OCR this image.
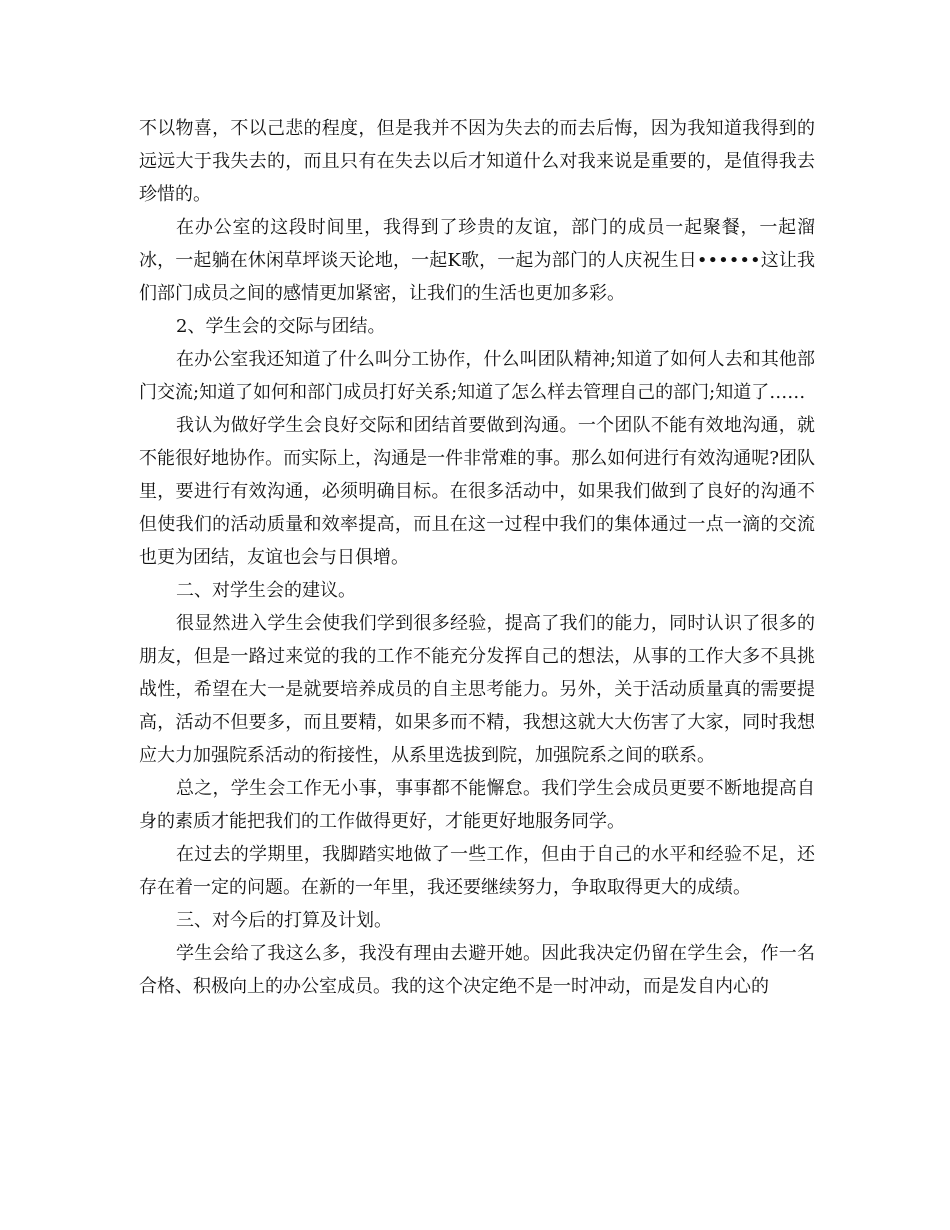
不以物喜，不以己悲的程度，但是我并不因为失去的而去后悔，因为我知道我得到的远远大于我失去的，而且只有在失去以后才知道什么对我来说是重要的，是值得我去珍惜的。

在办公室的这段时间里，我得到了珍贵的友谊，部门的成员一起聚餐，一起溜冰，一起躺在休闲草坪谈天论地，一起K歌，一起为部门的人庆祝生日••••••这让我们部门成员之间的感情更加紧密，让我们的生活也更加多彩。

2、学生会的交际与团结。

在办公室我还知道了什么叫分工协作，什么叫团队精神;知道了如何人去和其他部门交流;知道了如何和部门成员打好关系;知道了怎么样去管理自己的部门;知道了……

我认为做好学生会良好交际和团结首要做到沟通。一个团队不能有效地沟通，就不能很好地协作。而实际上，沟通是一件非常难的事。那么如何进行有效沟通呢?团队里，要进行有效沟通，必须明确目标。在很多活动中，如果我们做到了良好的沟通不但使我们的活动质量和效率提高，而且在这一过程中我们的集体通过一点一滴的交流也更为团结，友谊也会与日俱增。

二、对学生会的建议。

很显然进入学生会使我们学到很多经验，提高了我们的能力，同时认识了很多的朋友，但是一路过来觉的我的工作不能充分发挥自己的想法，从事的工作大多不具挑战性，希望在大一是就要培养成员的自主思考能力。另外，关于活动质量真的需要提高，活动不但要多，而且要精，如果多而不精，我想这就大大伤害了大家，同时我想应大力加强院系活动的衔接性，从系里选拔到院，加强院系之间的联系。

总之，学生会工作无小事，事事都不能懈怠。我们学生会成员更要不断地提高自身的素质才能把我们的工作做得更好，才能更好地服务同学。

在过去的学期里，我脚踏实地做了一些工作，但由于自己的水平和经验不足，还存在着一定的问题。在新的一年里，我还要继续努力，争取取得更大的成绩。

三、对今后的打算及计划。

学生会给了我这么多，我没有理由去避开她。因此我决定仍留在学生会，作一名合格、积极向上的办公室成员。我的这个决定绝不是一时冲动，而是发自内心的
